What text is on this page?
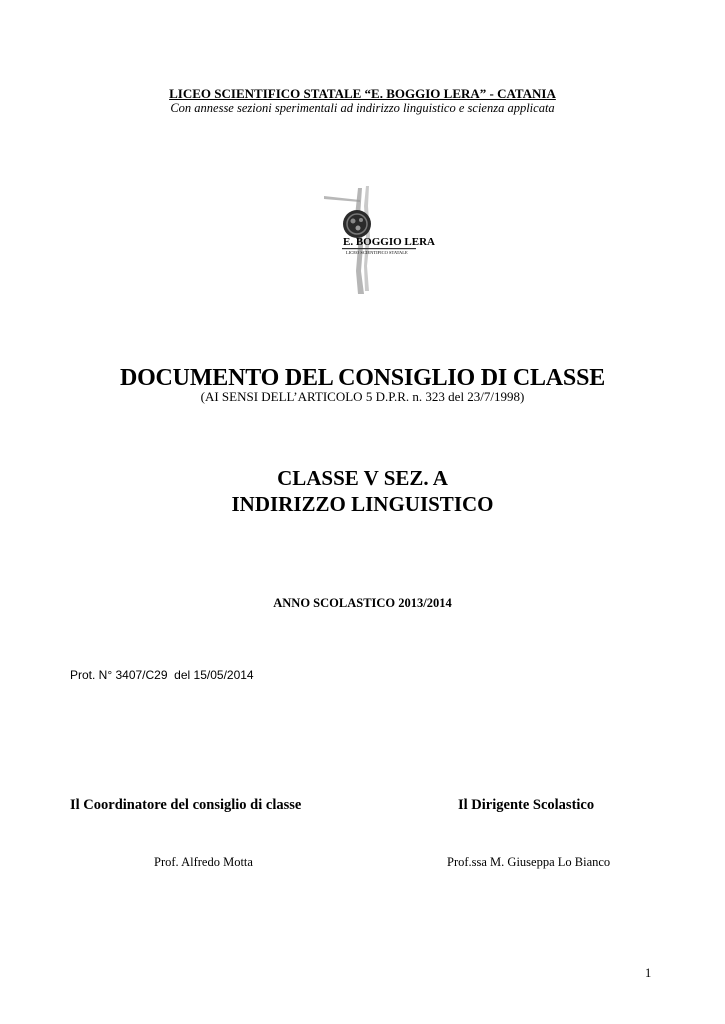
LICEO SCIENTIFICO STATALE “E. BOGGIO LERA” - CATANIA
Con annesse sezioni sperimentali ad indirizzo linguistico e scienza applicata
E. BOGGIO LERA
LICEO SCIENTIFICO STATALE
DOCUMENTO DEL CONSIGLIO DI CLASSE
(AI SENSI DELL’ARTICOLO 5 D.P.R. n. 323 del 23/7/1998)
CLASSE V SEZ. A
INDIRIZZO LINGUISTICO
ANNO SCOLASTICO 2013/2014
Prot. N° 3407/C29  del 15/05/2014
Il Coordinatore del consiglio di classe	Il Dirigente Scolastico
Prof. Alfredo Motta	Prof.ssa M. Giuseppa Lo Bianco
1
